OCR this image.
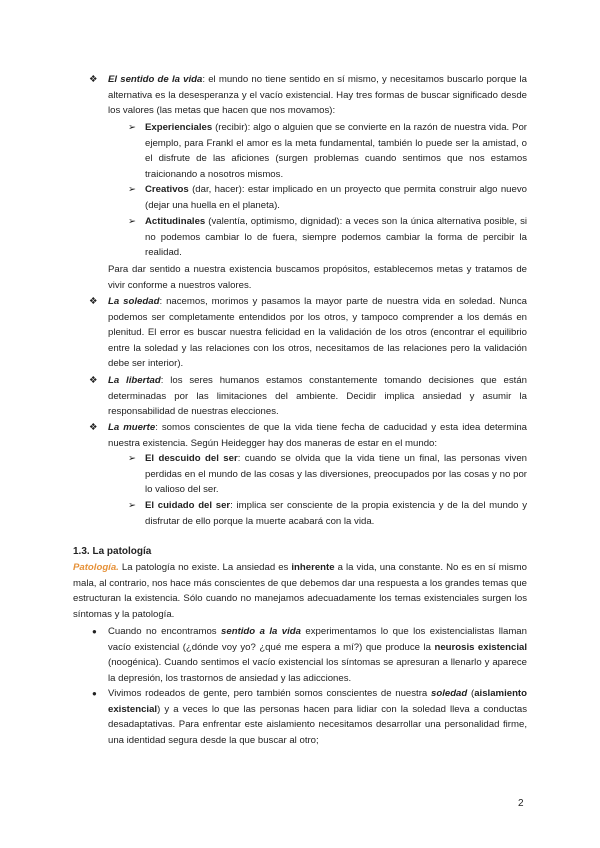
❖ El sentido de la vida: el mundo no tiene sentido en sí mismo, y necesitamos buscarlo porque la alternativa es la desesperanza y el vacío existencial. Hay tres formas de buscar significado desde los valores (las metas que hacen que nos movamos):
➢ Experienciales (recibir): algo o alguien que se convierte en la razón de nuestra vida. Por ejemplo, para Frankl el amor es la meta fundamental, también lo puede ser la amistad, o el disfrute de las aficiones (surgen problemas cuando sentimos que nos estamos traicionando a nosotros mismos.
➢ Creativos (dar, hacer): estar implicado en un proyecto que permita construir algo nuevo (dejar una huella en el planeta).
➢ Actitudinales (valentía, optimismo, dignidad): a veces son la única alternativa posible, si no podemos cambiar lo de fuera, siempre podemos cambiar la forma de percibir la realidad.
Para dar sentido a nuestra existencia buscamos propósitos, establecemos metas y tratamos de vivir conforme a nuestros valores.
❖ La soledad: nacemos, morimos y pasamos la mayor parte de nuestra vida en soledad. Nunca podemos ser completamente entendidos por los otros, y tampoco comprender a los demás en plenitud. El error es buscar nuestra felicidad en la validación de los otros (encontrar el equilibrio entre la soledad y las relaciones con los otros, necesitamos de las relaciones pero la validación debe ser interior).
❖ La libertad: los seres humanos estamos constantemente tomando decisiones que están determinadas por las limitaciones del ambiente. Decidir implica ansiedad y asumir la responsabilidad de nuestras elecciones.
❖ La muerte: somos conscientes de que la vida tiene fecha de caducidad y esta idea determina nuestra existencia. Según Heidegger hay dos maneras de estar en el mundo:
➢ El descuido del ser: cuando se olvida que la vida tiene un final, las personas viven perdidas en el mundo de las cosas y las diversiones, preocupados por las cosas y no por lo valioso del ser.
➢ El cuidado del ser: implica ser consciente de la propia existencia y de la del mundo y disfrutar de ello porque la muerte acabará con la vida.
1.3. La patología
Patología. La patología no existe. La ansiedad es inherente a la vida, una constante. No es en sí mismo mala, al contrario, nos hace más conscientes de que debemos dar una respuesta a los grandes temas que estructuran la existencia. Sólo cuando no manejamos adecuadamente los temas existenciales surgen los síntomas y la patología.
● Cuando no encontramos sentido a la vida experimentamos lo que los existencialistas llaman vacío existencial (¿dónde voy yo? ¿qué me espera a mí?) que produce la neurosis existencial (noogénica). Cuando sentimos el vacío existencial los síntomas se apresuran a llenarlo y aparece la depresión, los trastornos de ansiedad y las adicciones.
● Vivimos rodeados de gente, pero también somos conscientes de nuestra soledad (aislamiento existencial) y a veces lo que las personas hacen para lidiar con la soledad lleva a conductas desadaptativas. Para enfrentar este aislamiento necesitamos desarrollar una personalidad firme, una identidad segura desde la que buscar al otro;
2
